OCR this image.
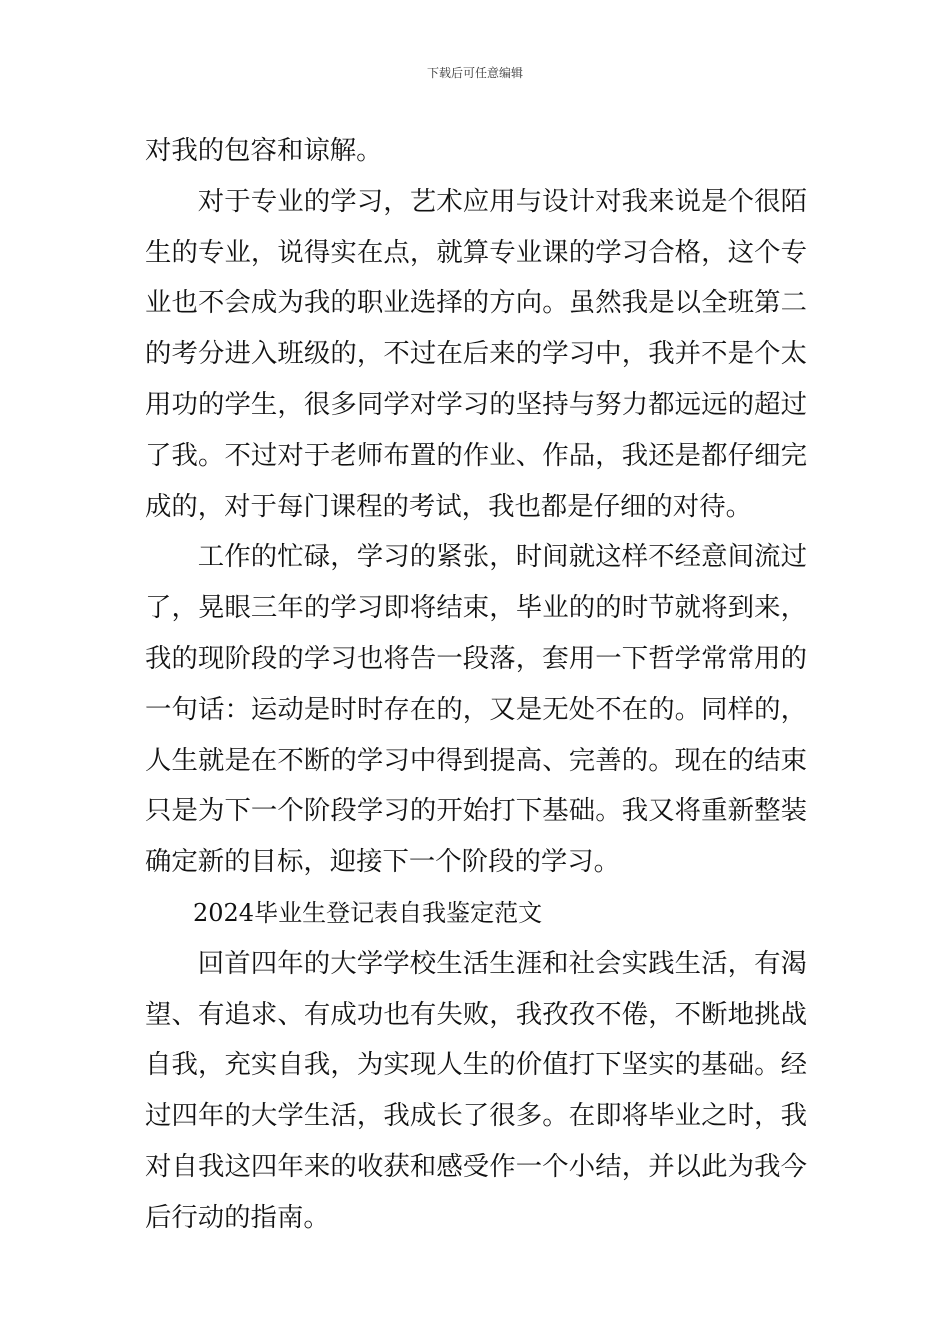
下载后可任意编辑

对我的包容和谅解。

对于专业的学习，艺术应用与设计对我来说是个很陌生的专业，说得实在点，就算专业课的学习合格，这个专业也不会成为我的职业选择的方向。虽然我是以全班第二的考分进入班级的，不过在后来的学习中，我并不是个太用功的学生，很多同学对学习的坚持与努力都远远的超过了我。不过对于老师布置的作业、作品，我还是都仔细完成的，对于每门课程的考试，我也都是仔细的对待。

工作的忙碌，学习的紧张，时间就这样不经意间流过了，晃眼三年的学习即将结束，毕业的的时节就将到来，我的现阶段的学习也将告一段落，套用一下哲学常常用的一句话：运动是时时存在的，又是无处不在的。同样的，人生就是在不断的学习中得到提高、完善的。现在的结束只是为下一个阶段学习的开始打下基础。我又将重新整装确定新的目标，迎接下一个阶段的学习。

2024毕业生登记表自我鉴定范文

回首四年的大学学校生活生涯和社会实践生活，有渴望、有追求、有成功也有失败，我孜孜不倦，不断地挑战自我，充实自我，为实现人生的价值打下坚实的基础。经过四年的大学生活，我成长了很多。在即将毕业之时，我对自我这四年来的收获和感受作一个小结，并以此为我今后行动的指南。
